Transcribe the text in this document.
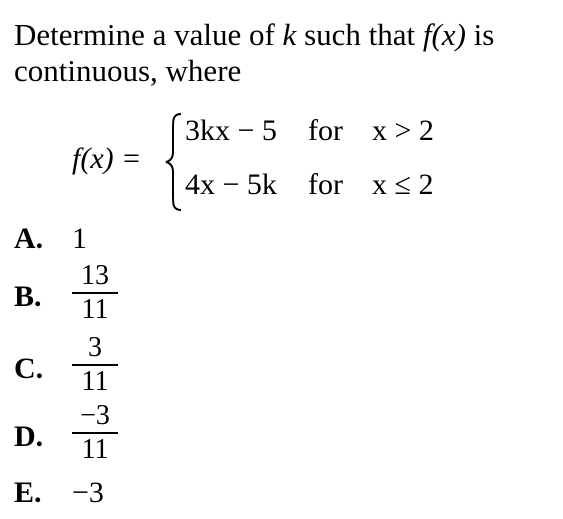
Determine a value of k such that f(x) is
continuous, where
f(x) =
3kx − 5 for x > 2
4x − 5k for x ≤ 2
A. 1
B.
13
11
C.
3
11
D.
−3
11
E. −3
